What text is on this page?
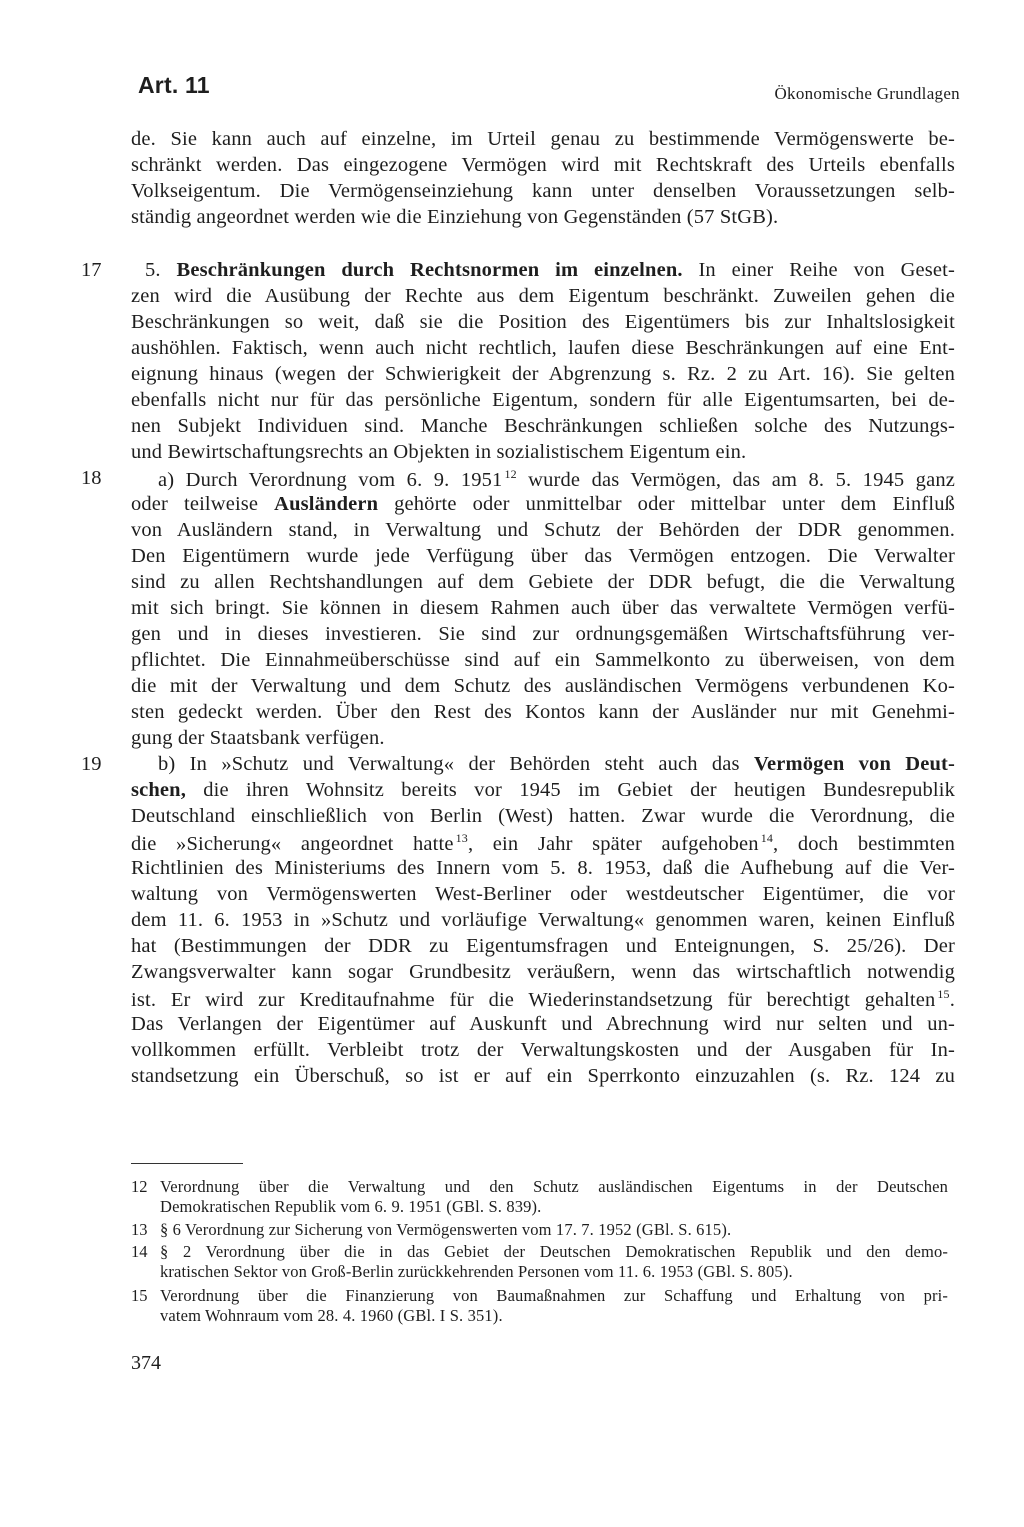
Art. 11	Ökonomische Grundlagen
de. Sie kann auch auf einzelne, im Urteil genau zu bestimmende Vermögenswerte be-
schränkt werden. Das eingezogene Vermögen wird mit Rechtskraft des Urteils ebenfalls
Volkseigentum. Die Vermögenseinziehung kann unter denselben Voraussetzungen selb-
ständig angeordnet werden wie die Einziehung von Gegenständen (57 StGB).
17 5. Beschränkungen durch Rechtsnormen im einzelnen. In einer Reihe von Geset-
zen wird die Ausübung der Rechte aus dem Eigentum beschränkt. Zuweilen gehen die
Beschränkungen so weit, daß sie die Position des Eigentümers bis zur Inhaltslosigkeit
aushöhlen. Faktisch, wenn auch nicht rechtlich, laufen diese Beschränkungen auf eine Ent-
eignung hinaus (wegen der Schwierigkeit der Abgrenzung s. Rz. 2 zu Art. 16). Sie gelten
ebenfalls nicht nur für das persönliche Eigentum, sondern für alle Eigentumsarten, bei de-
nen Subjekt Individuen sind. Manche Beschränkungen schließen solche des Nutzungs-
und Bewirtschaftungsrechts an Objekten in sozialistischem Eigentum ein.
18	a) Durch Verordnung vom 6. 9. 1951 $^{12}$ wurde das Vermögen, das am 8. 5. 1945 ganz
oder teilweise Ausländern gehörte oder unmittelbar oder mittelbar unter dem Einfluß
von Ausländern stand, in Verwaltung und Schutz der Behörden der DDR genommen.
Den Eigentümern wurde jede Verfügung über das Vermögen entzogen. Die Verwalter
sind zu allen Rechtshandlungen auf dem Gebiete der DDR befugt, die die Verwaltung
mit sich bringt. Sie können in diesem Rahmen auch über das verwaltete Vermögen verfü-
gen und in dieses investieren. Sie sind zur ordnungsgemäßen Wirtschaftsführung ver-
pflichtet. Die Einnahmeüberschüsse sind auf ein Sammelkonto zu überweisen, von dem
die mit der Verwaltung und dem Schutz des ausländischen Vermögens verbundenen Ko-
sten gedeckt werden. Über den Rest des Kontos kann der Ausländer nur mit Genehmi-
gung der Staatsbank verfügen.
19	b) In »Schutz und Verwaltung« der Behörden steht auch das Vermögen von Deut-
schen, die ihren Wohnsitz bereits vor 1945 im Gebiet der heutigen Bundesrepublik
Deutschland einschließlich von Berlin (West) hatten. Zwar wurde die Verordnung, die
die »Sicherung« angeordnet hatte $^{13}$, ein Jahr später aufgehoben $^{14}$, doch bestimmten
Richtlinien des Ministeriums des Innern vom 5. 8. 1953, daß die Aufhebung auf die Ver-
waltung von Vermögenswerten West-Berliner oder westdeutscher Eigentümer, die vor
dem 11. 6. 1953 in »Schutz und vorläufige Verwaltung« genommen waren, keinen Einfluß
hat (Bestimmungen der DDR zu Eigentumsfragen und Enteignungen, S. 25/26). Der
Zwangsverwalter kann sogar Grundbesitz veräußern, wenn das wirtschaftlich notwendig
ist. Er wird zur Kreditaufnahme für die Wiederinstandsetzung für berechtigt gehalten $^{15}$.
Das Verlangen der Eigentümer auf Auskunft und Abrechnung wird nur selten und un-
vollkommen erfüllt. Verbleibt trotz der Verwaltungskosten und der Ausgaben für In-
standsetzung ein Überschuß, so ist er auf ein Sperrkonto einzuzahlen (s. Rz. 124 zu
12 Verordnung über die Verwaltung und den Schutz ausländischen Eigentums in der Deutschen
Demokratischen Republik vom 6. 9. 1951 (GBl. S. 839).
13 § 6 Verordnung zur Sicherung von Vermögenswerten vom 17. 7. 1952 (GBl. S. 615).
14 § 2 Verordnung über die in das Gebiet der Deutschen Demokratischen Republik und den demo-
kratischen Sektor von Groß-Berlin zurückkehrenden Personen vom 11. 6. 1953 (GBl. S. 805).
15 Verordnung über die Finanzierung von Baumaßnahmen zur Schaffung und Erhaltung von pri-
vatem Wohnraum vom 28. 4. 1960 (GBl. I S. 351).
374
